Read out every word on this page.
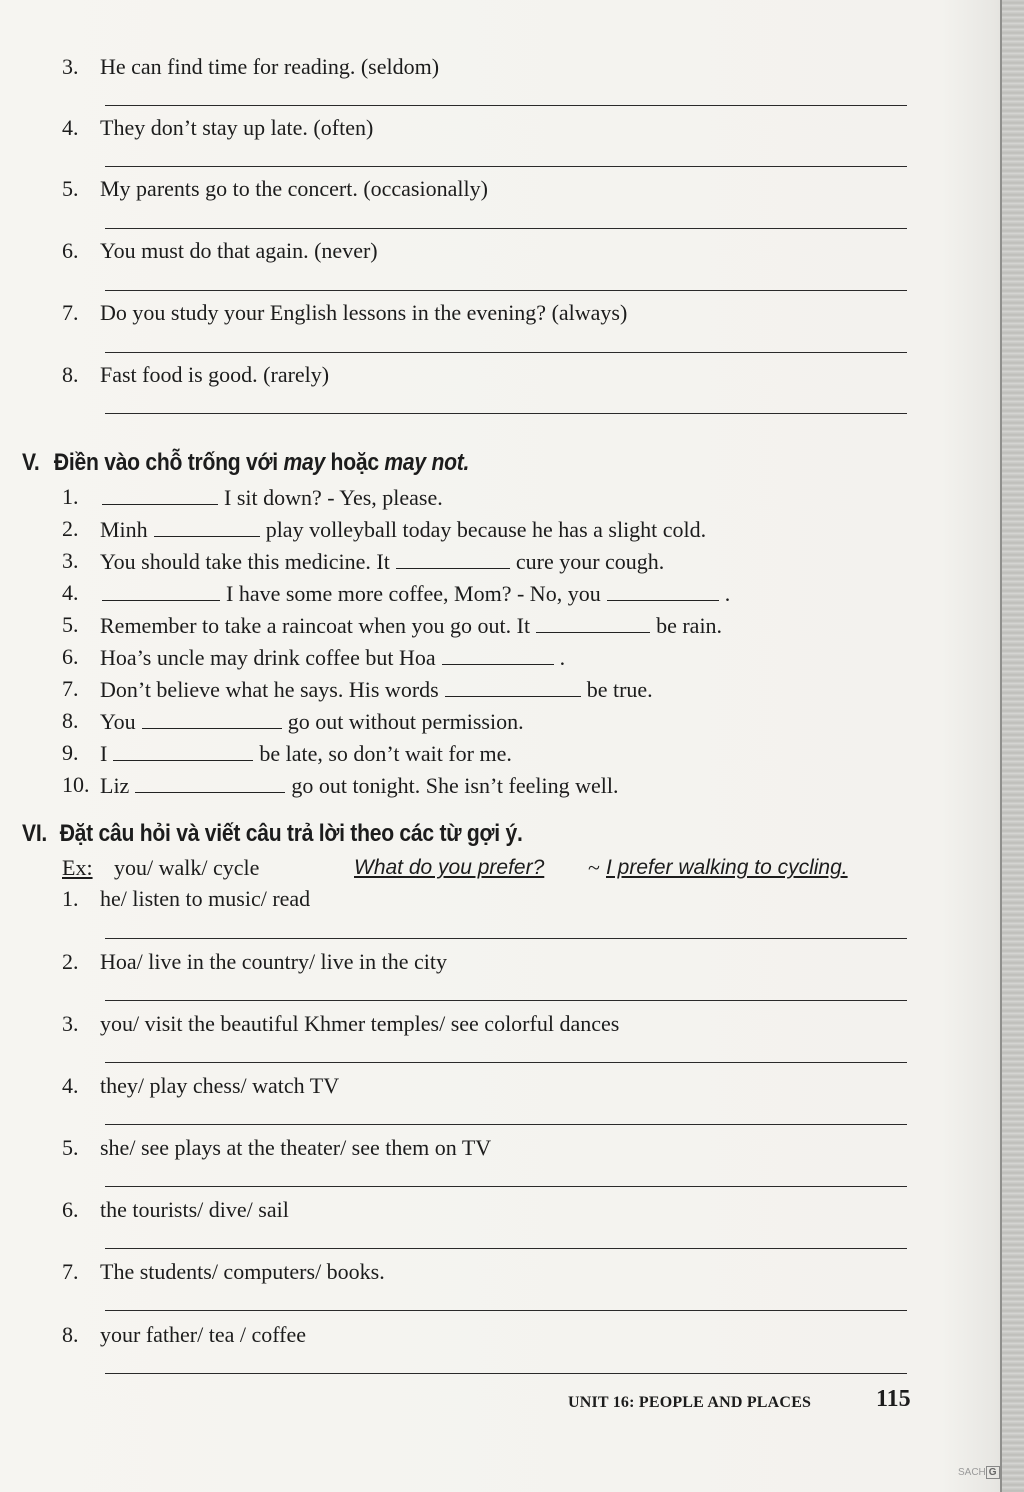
3. He can find time for reading. (seldom)
4. They don’t stay up late. (often)
5. My parents go to the concert. (occasionally)
6. You must do that again. (never)
7. Do you study your English lessons in the evening? (always)
8. Fast food is good. (rarely)
V. Điền vào chỗ trống với may hoặc may not.
1.	I sit down? - Yes, please.
2. Minh	play volleyball today because he has a slight cold.
3. You should take this medicine. It	cure your cough.
4.	I have some more coffee, Mom? - No, you	.
5. Remember to take a raincoat when you go out. It	be rain.
6. Hoa’s uncle may drink coffee but Hoa	.
7. Don’t believe what he says. His words	be true.
8. You	go out without permission.
9. I	be late, so don’t wait for me.
10. Liz	go out tonight. She isn’t feeling well.
VI. Đặt câu hỏi và viết câu trả lời theo các từ gợi ý.
Ex: you/ walk/ cycle	What do you prefer? ~ I prefer walking to cycling.
1. he/ listen to music/ read
2. Hoa/ live in the country/ live in the city
3. you/ visit the beautiful Khmer temples/ see colorful dances
4. they/ play chess/ watch TV
5. she/ see plays at the theater/ see them on TV
6. the tourists/ dive/ sail
7. The students/ computers/ books.
8. your father/ tea / coffee
UNIT 16: PEOPLE AND PLACES	115
SACH G
